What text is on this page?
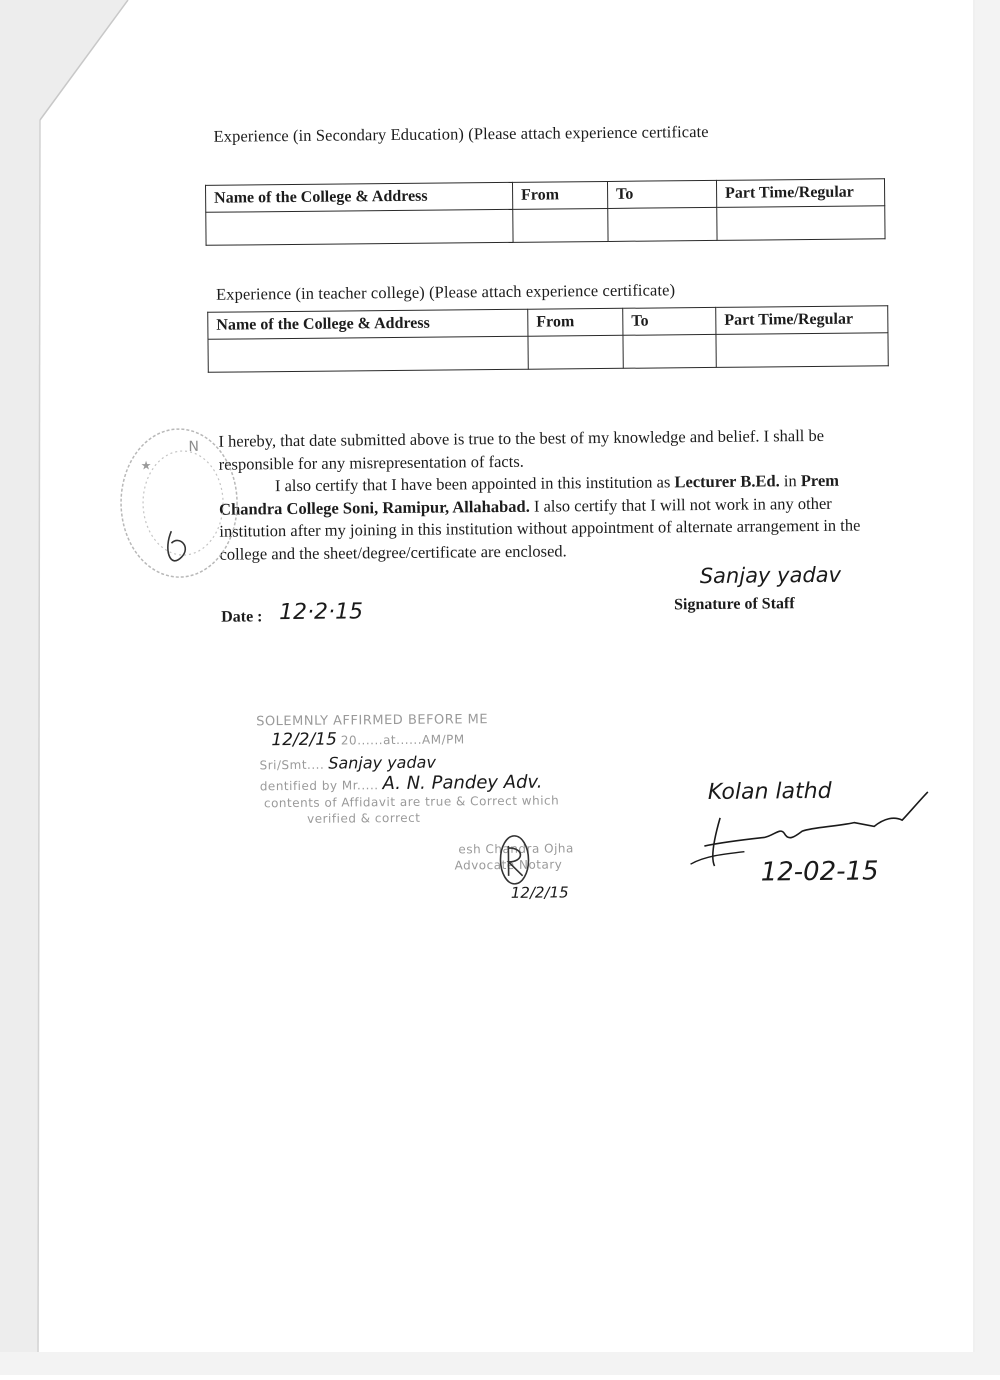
Experience (in Secondary Education) (Please attach experience certificate
Name of the College & Address	From	To	Part Time/Regular

Experience (in teacher college) (Please attach experience certificate)
Name of the College & Address	From	To	Part Time/Regular

I hereby, that date submitted above is true to the best of my knowledge and belief. I shall be responsible for any misrepresentation of facts.

I also certify that I have been appointed in this institution as Lecturer B.Ed. in Prem Chandra College Soni, Ramipur, Allahabad. I also certify that I will not work in any other institution after my joining in this institution without appointment of alternate arrangement in the college and the sheet/degree/certificate are enclosed.

N
★
Date : 12·2·15
Sanjay yadav
Signature of Staff
SOLEMNLY AFFIRMED BEFORE ME
12/2/15 20......at......AM/PM
Sri/Smt.... Sanjay yadav
dentified by Mr..... A. N. Pandey Adv.
contents of Affidavit are true & Correct which
verified & correct
esh Chandra Ojha
Advocate Notary
12/2/15
Kolan lathd
12-02-15
